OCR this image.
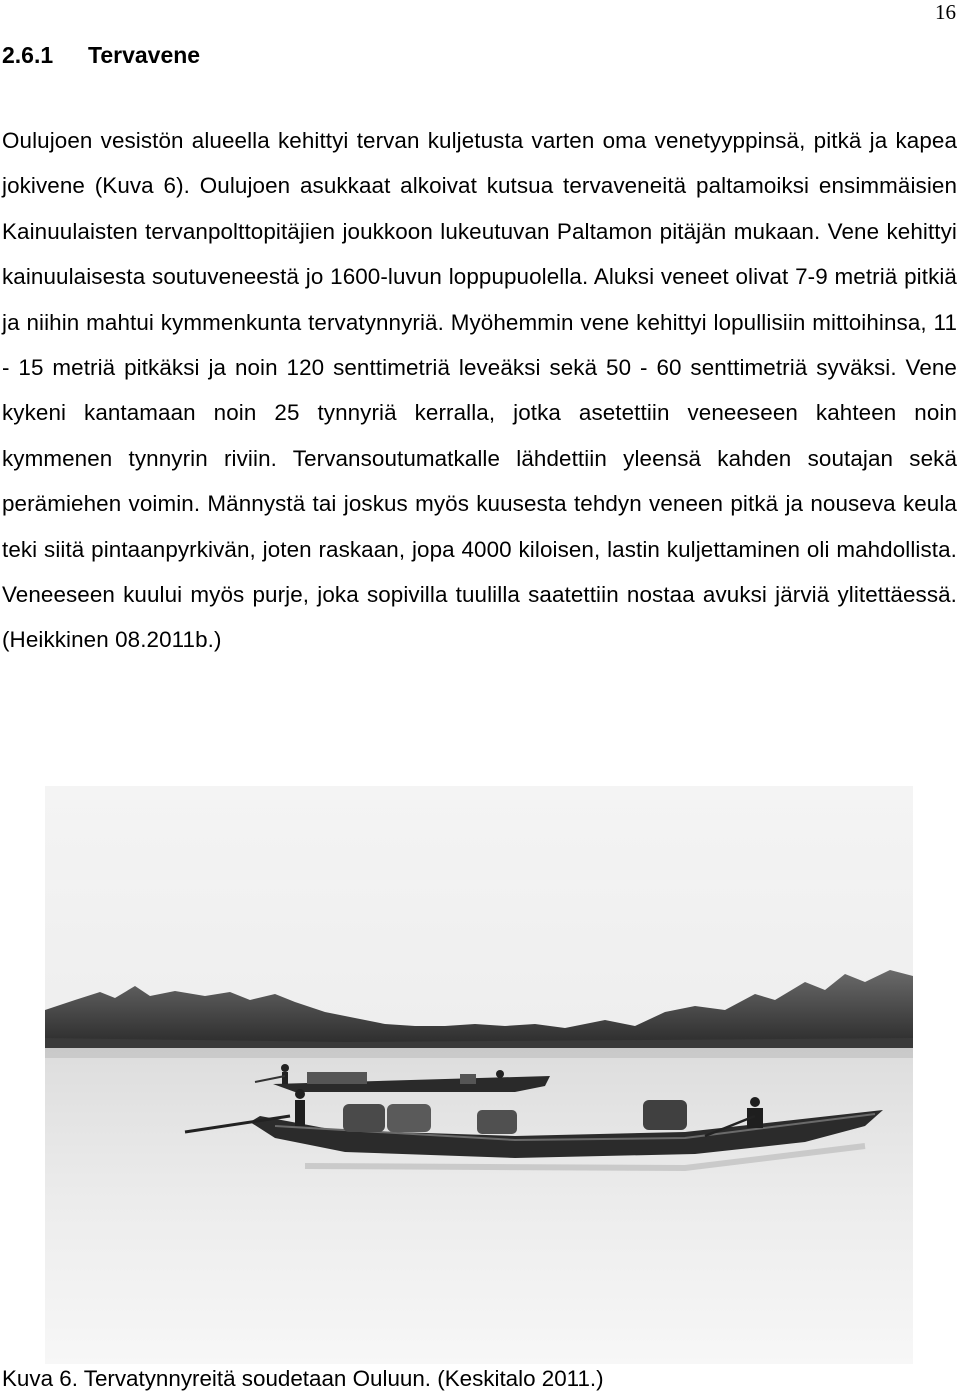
16
2.6.1 Tervavene

Oulujoen vesistön alueella kehittyi tervan kuljetusta varten oma venetyyppinsä, pitkä ja kapea jokivene (Kuva 6). Oulujoen asukkaat alkoivat kutsua tervaveneitä paltamoiksi ensimmäisien Kainuulaisten tervanpolttopitäjien joukkoon lukeutuvan Paltamon pitäjän mukaan. Vene kehittyi kainuulaisesta soutuveneestä jo 1600-luvun loppupuolella. Aluksi veneet olivat 7-9 metriä pitkiä ja niihin mahtui kymmenkunta tervatynnyriä. Myöhemmin vene kehittyi lopullisiin mittoihinsa, 11 - 15 metriä pitkäksi ja noin 120 senttimetriä leveäksi sekä 50 - 60 senttimetriä syväksi. Vene kykeni kantamaan noin 25 tynnyriä kerralla, jotka asetettiin veneeseen kahteen noin kymmenen tynnyrin riviin. Tervansoutumatkalle lähdettiin yleensä kahden soutajan sekä perämiehen voimin. Männystä tai joskus myös kuusesta tehdyn veneen pitkä ja nouseva keula teki siitä pintaanpyrkivän, joten raskaan, jopa 4000 kiloisen, lastin kuljettaminen oli mahdollista. Veneeseen kuului myös purje, joka sopivilla tuulilla saatettiin nostaa avuksi järviä ylitettäessä. (Heikkinen 08.2011b.)

Kuva 6. Tervatynnyreitä soudetaan Ouluun. (Keskitalo 2011.)
